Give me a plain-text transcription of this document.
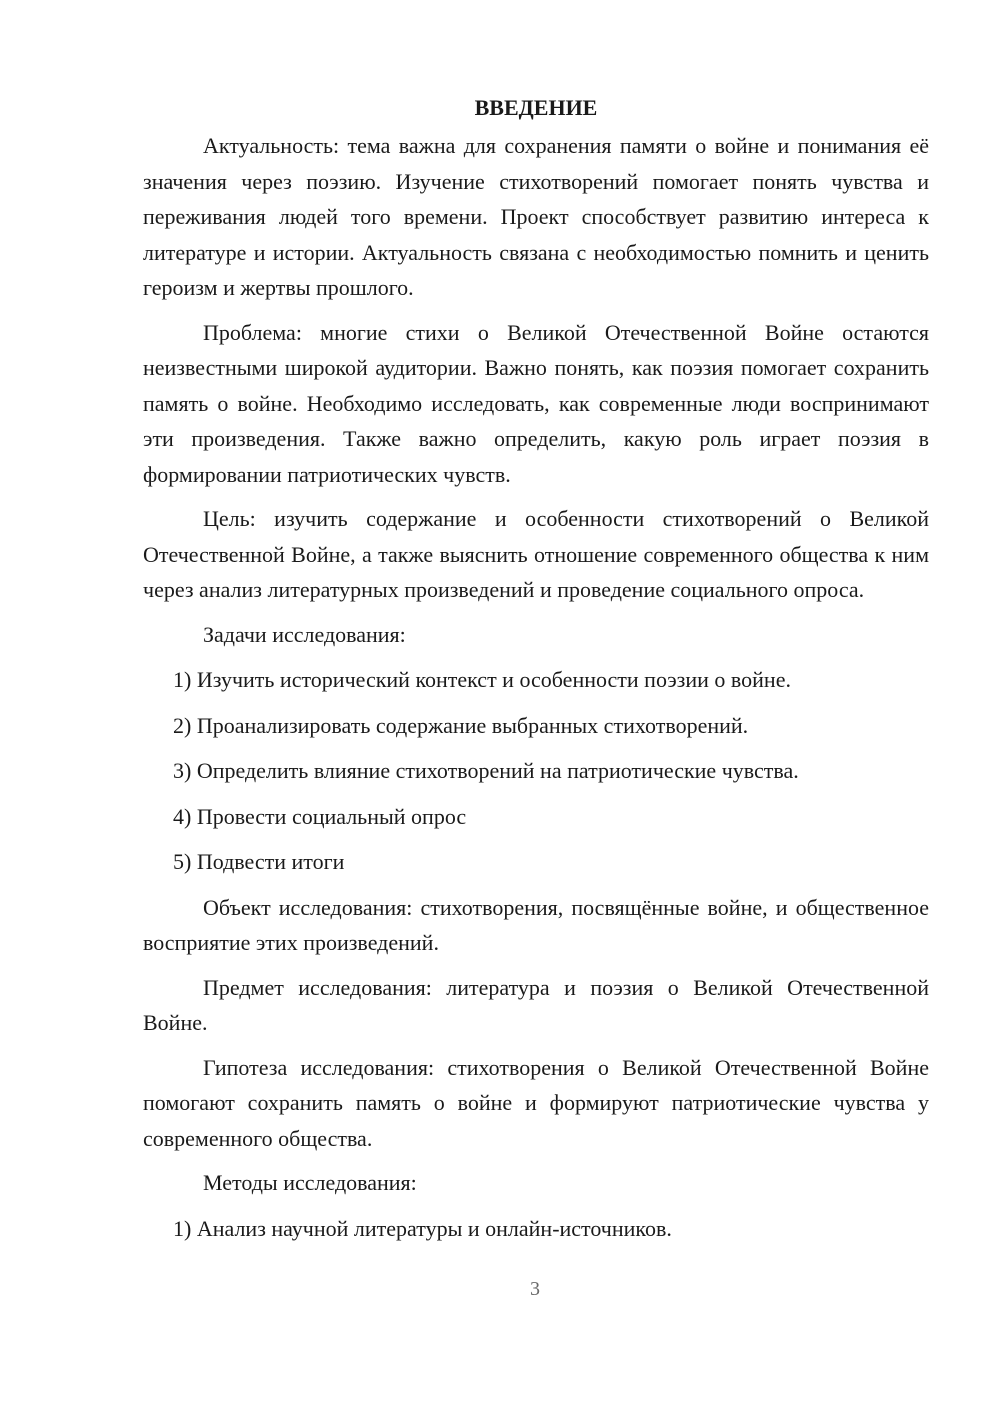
ВВЕДЕНИЕ

Актуальность: тема важна для сохранения памяти о войне и понимания её значения через поэзию. Изучение стихотворений помогает понять чувства и переживания людей того времени. Проект способствует развитию интереса к литературе и истории. Актуальность связана с необходимостью помнить и ценить героизм и жертвы прошлого.

Проблема: многие стихи о Великой Отечественной Войне остаются неизвестными широкой аудитории. Важно понять, как поэзия помогает сохранить память о войне. Необходимо исследовать, как современные люди воспринимают эти произведения. Также важно определить, какую роль играет поэзия в формировании патриотических чувств.

Цель: изучить содержание и особенности стихотворений о Великой Отечественной Войне, а также выяснить отношение современного общества к ним через анализ литературных произведений и проведение социального опроса.

Задачи исследования:

1) Изучить исторический контекст и особенности поэзии о войне.
2) Проанализировать содержание выбранных стихотворений.
3) Определить влияние стихотворений на патриотические чувства.
4) Провести социальный опрос
5) Подвести итоги

Объект исследования: стихотворения, посвящённые войне, и общественное восприятие этих произведений.

Предмет исследования: литература и поэзия о Великой Отечественной Войне.

Гипотеза исследования: стихотворения о Великой Отечественной Войне помогают сохранить память о войне и формируют патриотические чувства у современного общества.

Методы исследования:

1) Анализ научной литературы и онлайн-источников.
3
